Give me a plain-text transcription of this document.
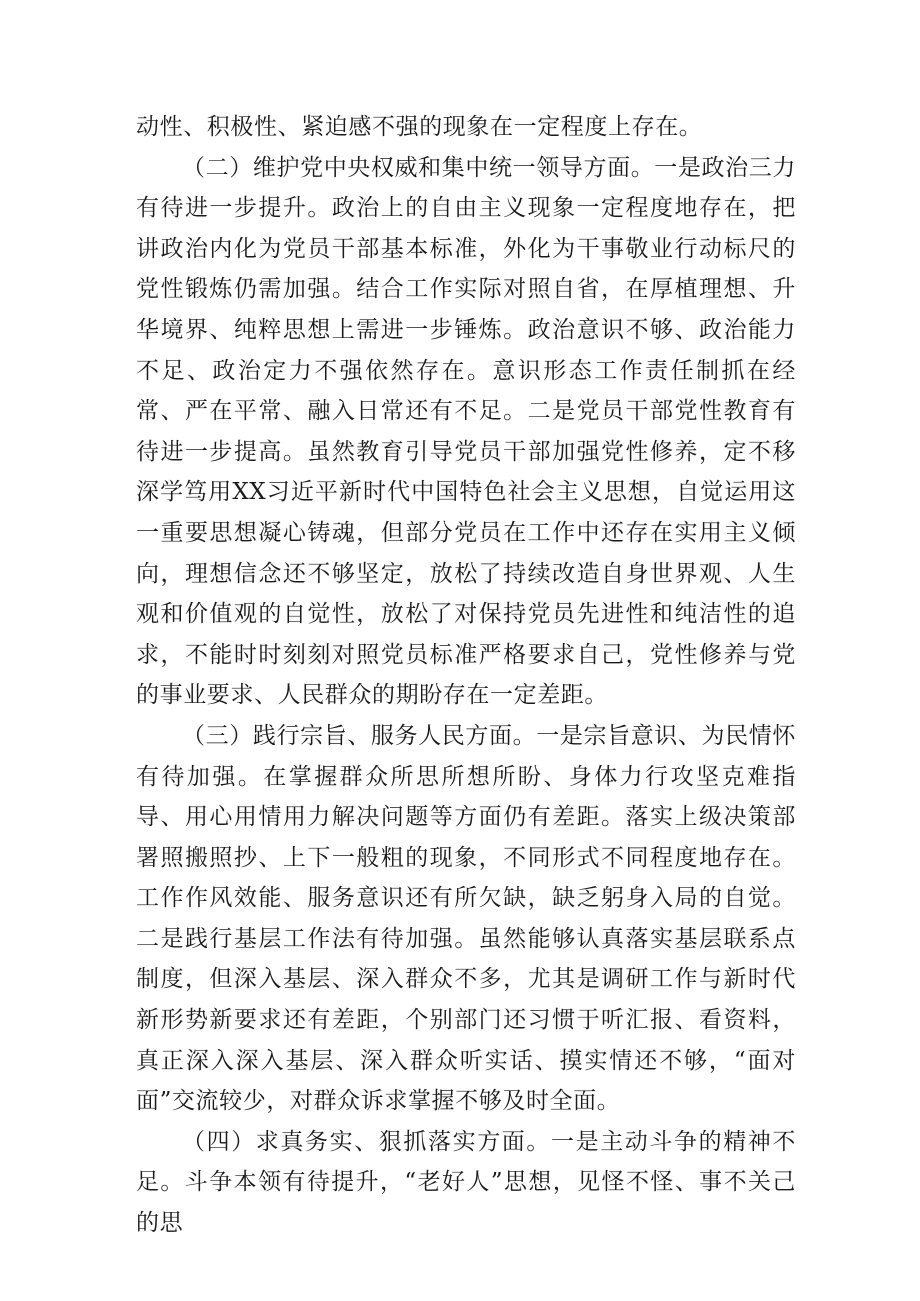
动性、积极性、紧迫感不强的现象在一定程度上存在。

（二）维护党中央权威和集中统一领导方面。一是政治三力有待进一步提升。政治上的自由主义现象一定程度地存在，把讲政治内化为党员干部基本标准，外化为干事敬业行动标尺的党性锻炼仍需加强。结合工作实际对照自省，在厚植理想、升华境界、纯粹思想上需进一步锤炼。政治意识不够、政治能力不足、政治定力不强依然存在。意识形态工作责任制抓在经常、严在平常、融入日常还有不足。二是党员干部党性教育有待进一步提高。虽然教育引导党员干部加强党性修养，定不移深学笃用XX习近平新时代中国特色社会主义思想，自觉运用这一重要思想凝心铸魂，但部分党员在工作中还存在实用主义倾向，理想信念还不够坚定，放松了持续改造自身世界观、人生观和价值观的自觉性，放松了对保持党员先进性和纯洁性的追求，不能时时刻刻对照党员标准严格要求自己，党性修养与党的事业要求、人民群众的期盼存在一定差距。

（三）践行宗旨、服务人民方面。一是宗旨意识、为民情怀有待加强。在掌握群众所思所想所盼、身体力行攻坚克难指导、用心用情用力解决问题等方面仍有差距。落实上级决策部署照搬照抄、上下一般粗的现象，不同形式不同程度地存在。工作作风效能、服务意识还有所欠缺，缺乏躬身入局的自觉。二是践行基层工作法有待加强。虽然能够认真落实基层联系点制度，但深入基层、深入群众不多，尤其是调研工作与新时代新形势新要求还有差距，个别部门还习惯于听汇报、看资料，真正深入深入基层、深入群众听实话、摸实情还不够，“面对面”交流较少，对群众诉求掌握不够及时全面。

（四）求真务实、狠抓落实方面。一是主动斗争的精神不足。斗争本领有待提升，“老好人”思想，见怪不怪、事不关己的思
